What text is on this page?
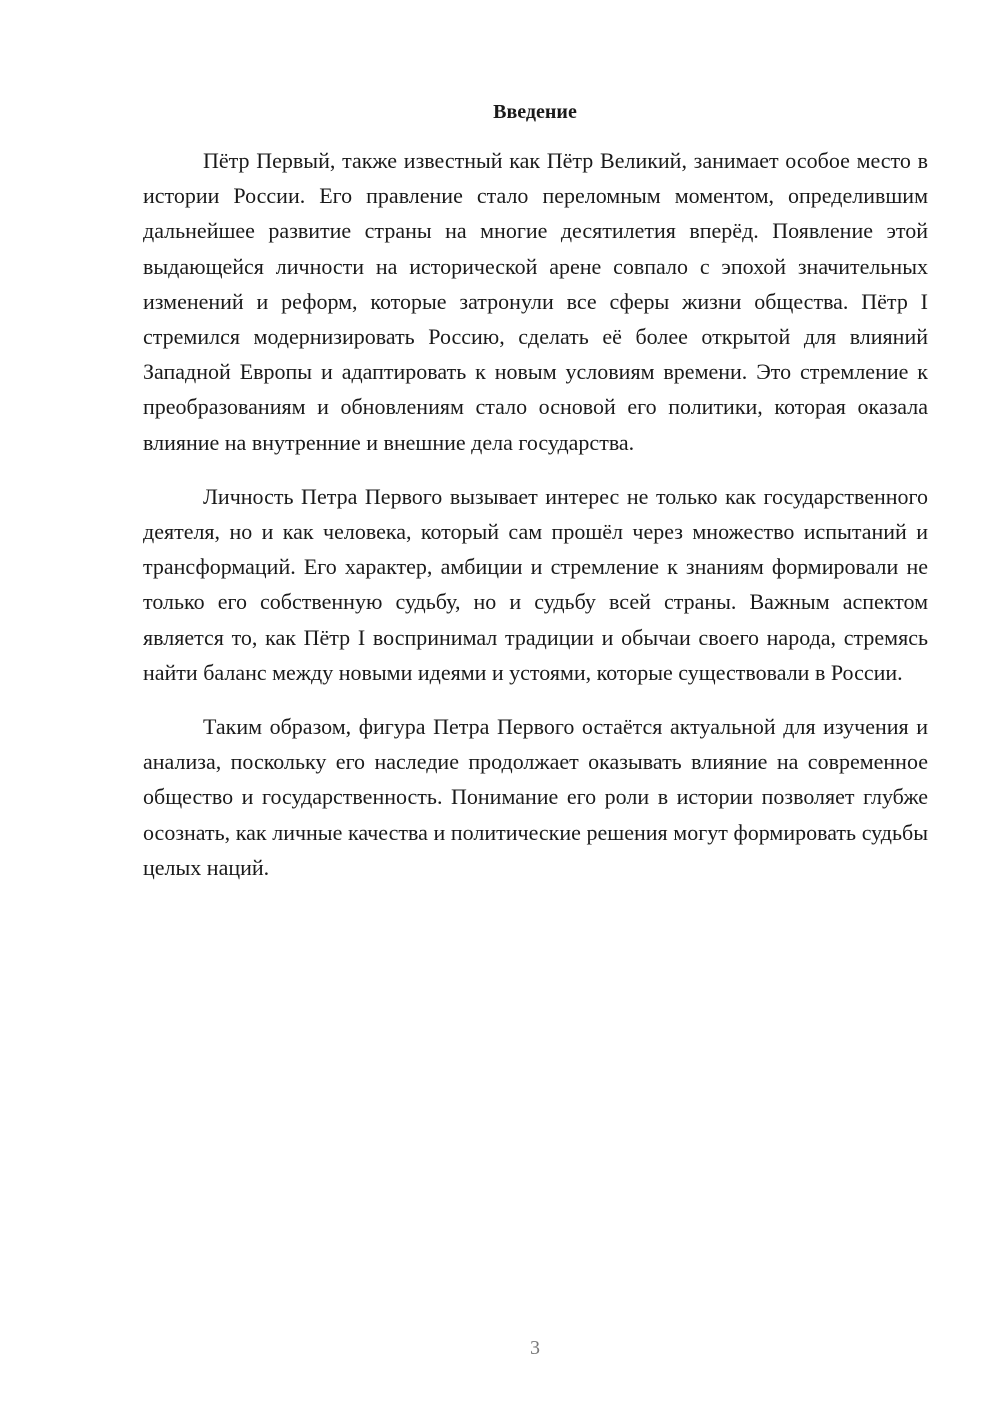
Введение

Пётр Первый, также известный как Пётр Великий, занимает особое место в истории России. Его правление стало переломным моментом, определившим дальнейшее развитие страны на многие десятилетия вперёд. Появление этой выдающейся личности на исторической арене совпало с эпохой значительных изменений и реформ, которые затронули все сферы жизни общества. Пётр I стремился модернизировать Россию, сделать её более открытой для влияний Западной Европы и адаптировать к новым условиям времени. Это стремление к преобразованиям и обновлениям стало основой его политики, которая оказала влияние на внутренние и внешние дела государства.

Личность Петра Первого вызывает интерес не только как государственного деятеля, но и как человека, который сам прошёл через множество испытаний и трансформаций. Его характер, амбиции и стремление к знаниям формировали не только его собственную судьбу, но и судьбу всей страны. Важным аспектом является то, как Пётр I воспринимал традиции и обычаи своего народа, стремясь найти баланс между новыми идеями и устоями, которые существовали в России.

Таким образом, фигура Петра Первого остаётся актуальной для изучения и анализа, поскольку его наследие продолжает оказывать влияние на современное общество и государственность. Понимание его роли в истории позволяет глубже осознать, как личные качества и политические решения могут формировать судьбы целых наций.

3
